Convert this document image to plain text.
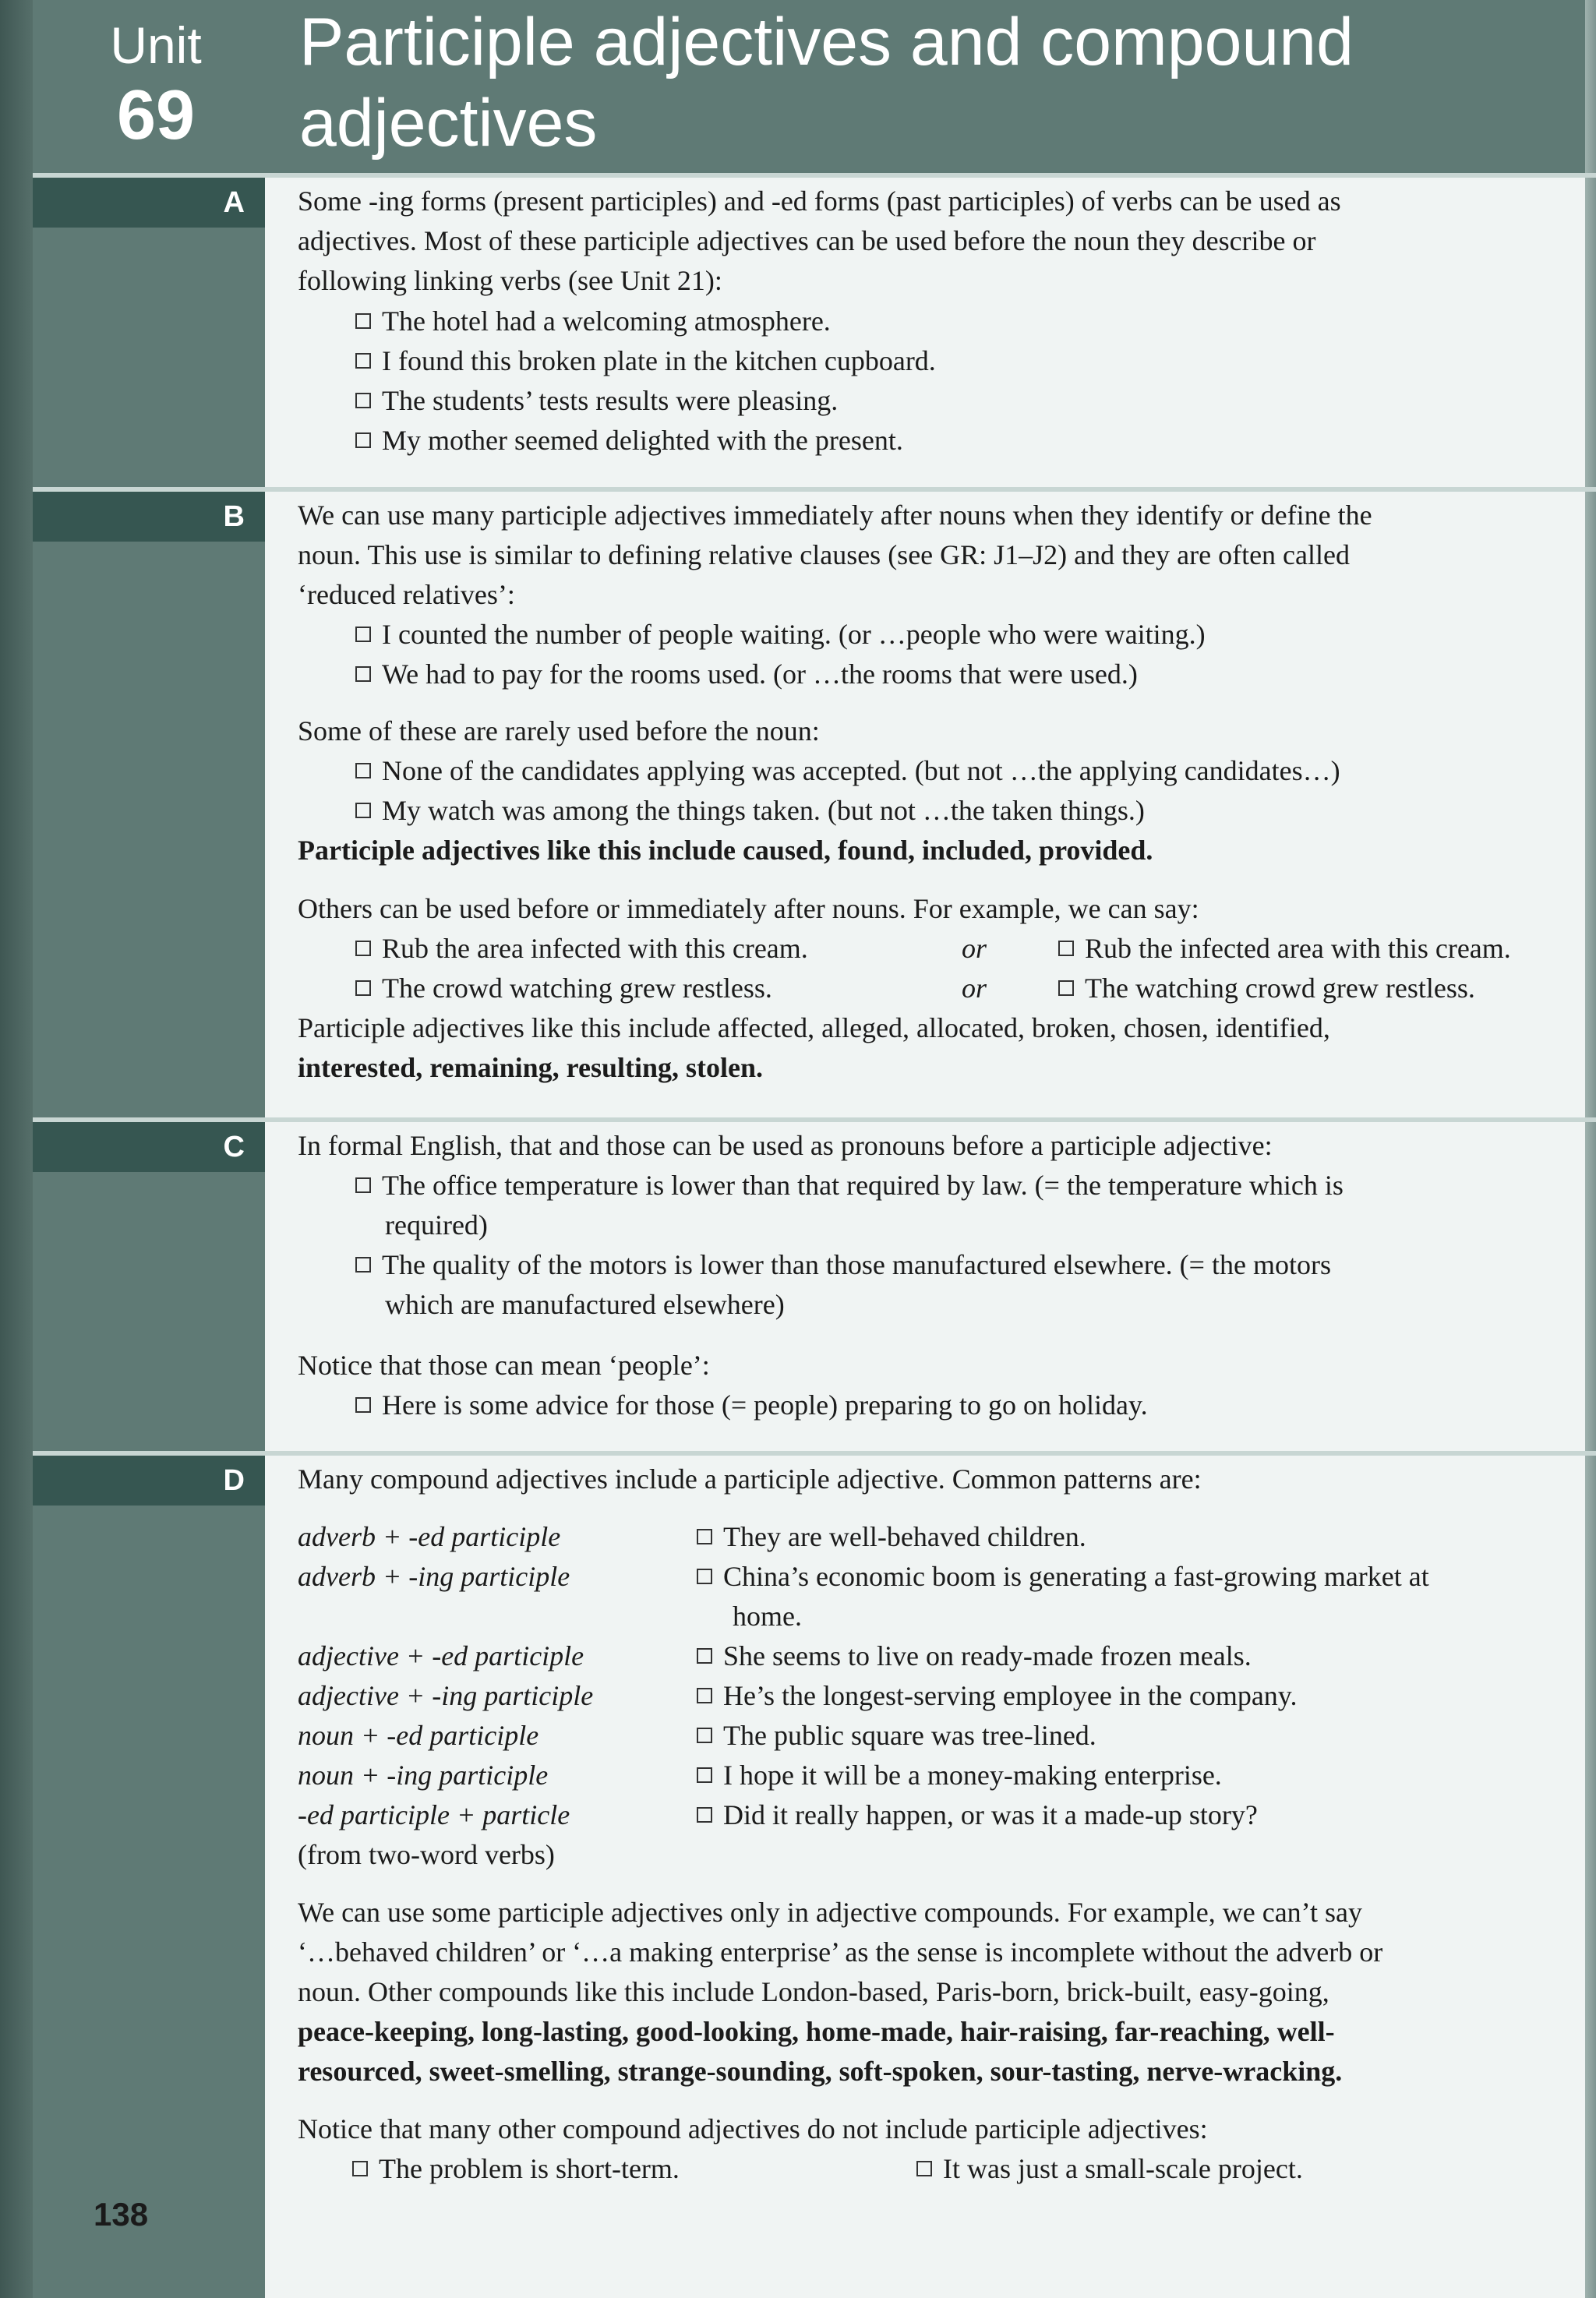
Unit
69
Participle adjectives and compound
adjectives
A
B
C
D
Some -ing forms (present participles) and -ed forms (past participles) of verbs can be used as
adjectives. Most of these participle adjectives can be used before the noun they describe or
following linking verbs (see Unit 21):
The hotel had a welcoming atmosphere.
I found this broken plate in the kitchen cupboard.
The students’ tests results were pleasing.
My mother seemed delighted with the present.
We can use many participle adjectives immediately after nouns when they identify or define the
noun. This use is similar to defining relative clauses (see GR: J1–J2) and they are often called
‘reduced relatives’:
I counted the number of people waiting. (or …people who were waiting.)
We had to pay for the rooms used. (or …the rooms that were used.)
Some of these are rarely used before the noun:
None of the candidates applying was accepted. (but not …the applying candidates…)
My watch was among the things taken. (but not …the taken things.)
Participle adjectives like this include caused, found, included, provided.
Others can be used before or immediately after nouns. For example, we can say:
Rub the area infected with this cream.	or	Rub the infected area with this cream.
The crowd watching grew restless.	or	The watching crowd grew restless.
Participle adjectives like this include affected, alleged, allocated, broken, chosen, identified,
interested, remaining, resulting, stolen.
In formal English, that and those can be used as pronouns before a participle adjective:
The office temperature is lower than that required by law. (= the temperature which is
required)
The quality of the motors is lower than those manufactured elsewhere. (= the motors
which are manufactured elsewhere)
Notice that those can mean ‘people’:
Here is some advice for those (= people) preparing to go on holiday.
Many compound adjectives include a participle adjective. Common patterns are:
adverb + -ed participle	They are well-behaved children.
adverb + -ing participle	China’s economic boom is generating a fast-growing market at
home.
adjective + -ed participle	She seems to live on ready-made frozen meals.
adjective + -ing participle	He’s the longest-serving employee in the company.
noun + -ed participle	The public square was tree-lined.
noun + -ing participle	I hope it will be a money-making enterprise.
-ed participle + particle	Did it really happen, or was it a made-up story?
(from two-word verbs)
We can use some participle adjectives only in adjective compounds. For example, we can’t say
‘…behaved children’ or ‘…a making enterprise’ as the sense is incomplete without the adverb or
noun. Other compounds like this include London-based, Paris-born, brick-built, easy-going,
peace-keeping, long-lasting, good-looking, home-made, hair-raising, far-reaching, well-
resourced, sweet-smelling, strange-sounding, soft-spoken, sour-tasting, nerve-wracking.
Notice that many other compound adjectives do not include participle adjectives:
The problem is short-term.	It was just a small-scale project.
138
